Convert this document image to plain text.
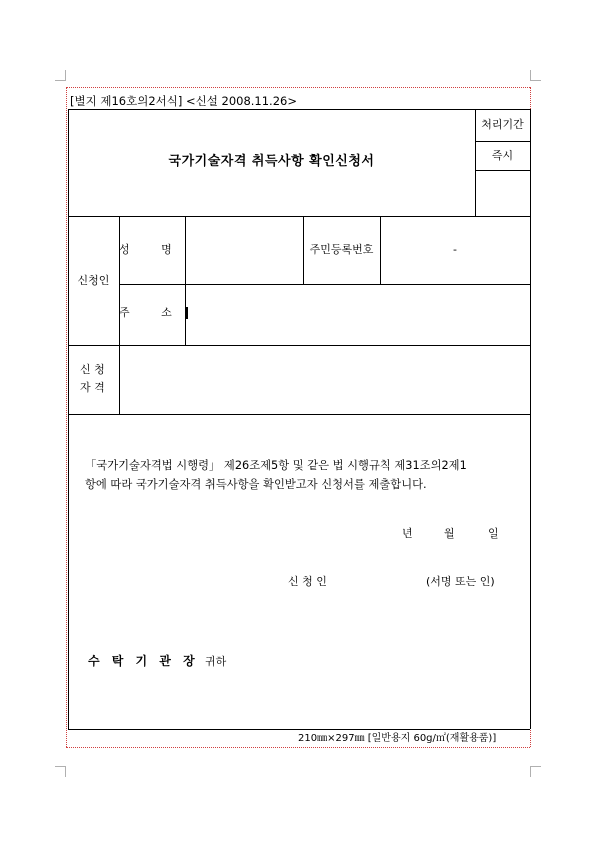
[별지 제16호의2서식] <신설 2008.11.26>
국가기술자격 취득사항 확인신청서
처리기간
즉시
신청인
성 명	주민등록번호	-
주 소
신 청
자 격
「국가기술자격법 시행령」 제26조제5항 및 같은 법 시행규칙 제31조의2제1
항에 따라 국가기술자격 취득사항을 확인받고자 신청서를 제출합니다.
년	월	일
신 청 인	(서명 또는 인)
수 탁 기 관 장 귀하
210㎜×297㎜ [일반용지 60g/㎡(재활용품)]
